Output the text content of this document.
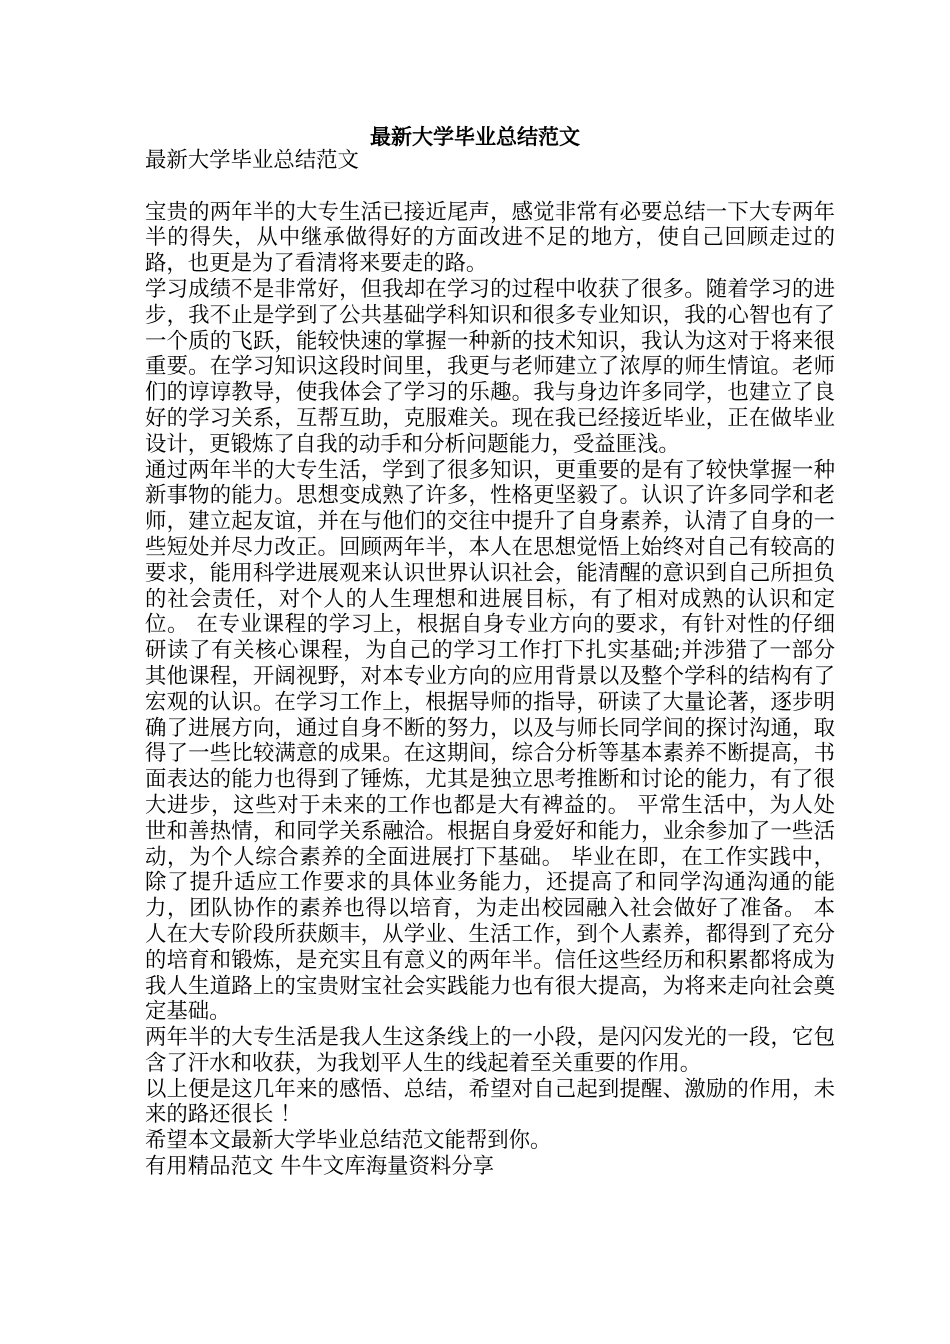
最新大学毕业总结范文

最新大学毕业总结范文

宝贵的两年半的大专生活已接近尾声，感觉非常有必要总结一下大专两年半的得失，从中继承做得好的方面改进不足的地方，使自己回顾走过的路，也更是为了看清将来要走的路。

学习成绩不是非常好，但我却在学习的过程中收获了很多。随着学习的进步，我不止是学到了公共基础学科知识和很多专业知识，我的心智也有了一个质的飞跃，能较快速的掌握一种新的技术知识，我认为这对于将来很重要。在学习知识这段时间里，我更与老师建立了浓厚的师生情谊。老师们的谆谆教导，使我体会了学习的乐趣。我与身边许多同学，也建立了良好的学习关系，互帮互助，克服难关。现在我已经接近毕业，正在做毕业设计，更锻炼了自我的动手和分析问题能力，受益匪浅。

通过两年半的大专生活，学到了很多知识，更重要的是有了较快掌握一种新事物的能力。思想变成熟了许多，性格更坚毅了。认识了许多同学和老师，建立起友谊，并在与他们的交往中提升了自身素养，认清了自身的一些短处并尽力改正。回顾两年半，本人在思想觉悟上始终对自己有较高的要求，能用科学进展观来认识世界认识社会，能清醒的意识到自己所担负的社会责任，对个人的人生理想和进展目标，有了相对成熟的认识和定位。 在专业课程的学习上，根据自身专业方向的要求，有针对性的仔细研读了有关核心课程，为自己的学习工作打下扎实基础;并涉猎了一部分其他课程，开阔视野，对本专业方向的应用背景以及整个学科的结构有了宏观的认识。在学习工作上，根据导师的指导，研读了大量论著，逐步明确了进展方向，通过自身不断的努力，以及与师长同学间的探讨沟通，取得了一些比较满意的成果。在这期间，综合分析等基本素养不断提高，书面表达的能力也得到了锤炼，尤其是独立思考推断和讨论的能力，有了很大进步，这些对于未来的工作也都是大有裨益的。 平常生活中，为人处世和善热情，和同学关系融洽。根据自身爱好和能力，业余参加了一些活动，为个人综合素养的全面进展打下基础。 毕业在即，在工作实践中，除了提升适应工作要求的具体业务能力，还提高了和同学沟通沟通的能力，团队协作的素养也得以培育，为走出校园融入社会做好了准备。 本人在大专阶段所获颇丰，从学业、生活工作，到个人素养，都得到了充分的培育和锻炼，是充实且有意义的两年半。信任这些经历和积累都将成为我人生道路上的宝贵财宝社会实践能力也有很大提高，为将来走向社会奠定基础。

两年半的大专生活是我人生这条线上的一小段，是闪闪发光的一段，它包含了汗水和收获，为我划平人生的线起着至关重要的作用。

以上便是这几年来的感悟、总结，希望对自己起到提醒、激励的作用，未来的路还很长 ！

希望本文最新大学毕业总结范文能帮到你。

有用精品范文 牛牛文库海量资料分享
